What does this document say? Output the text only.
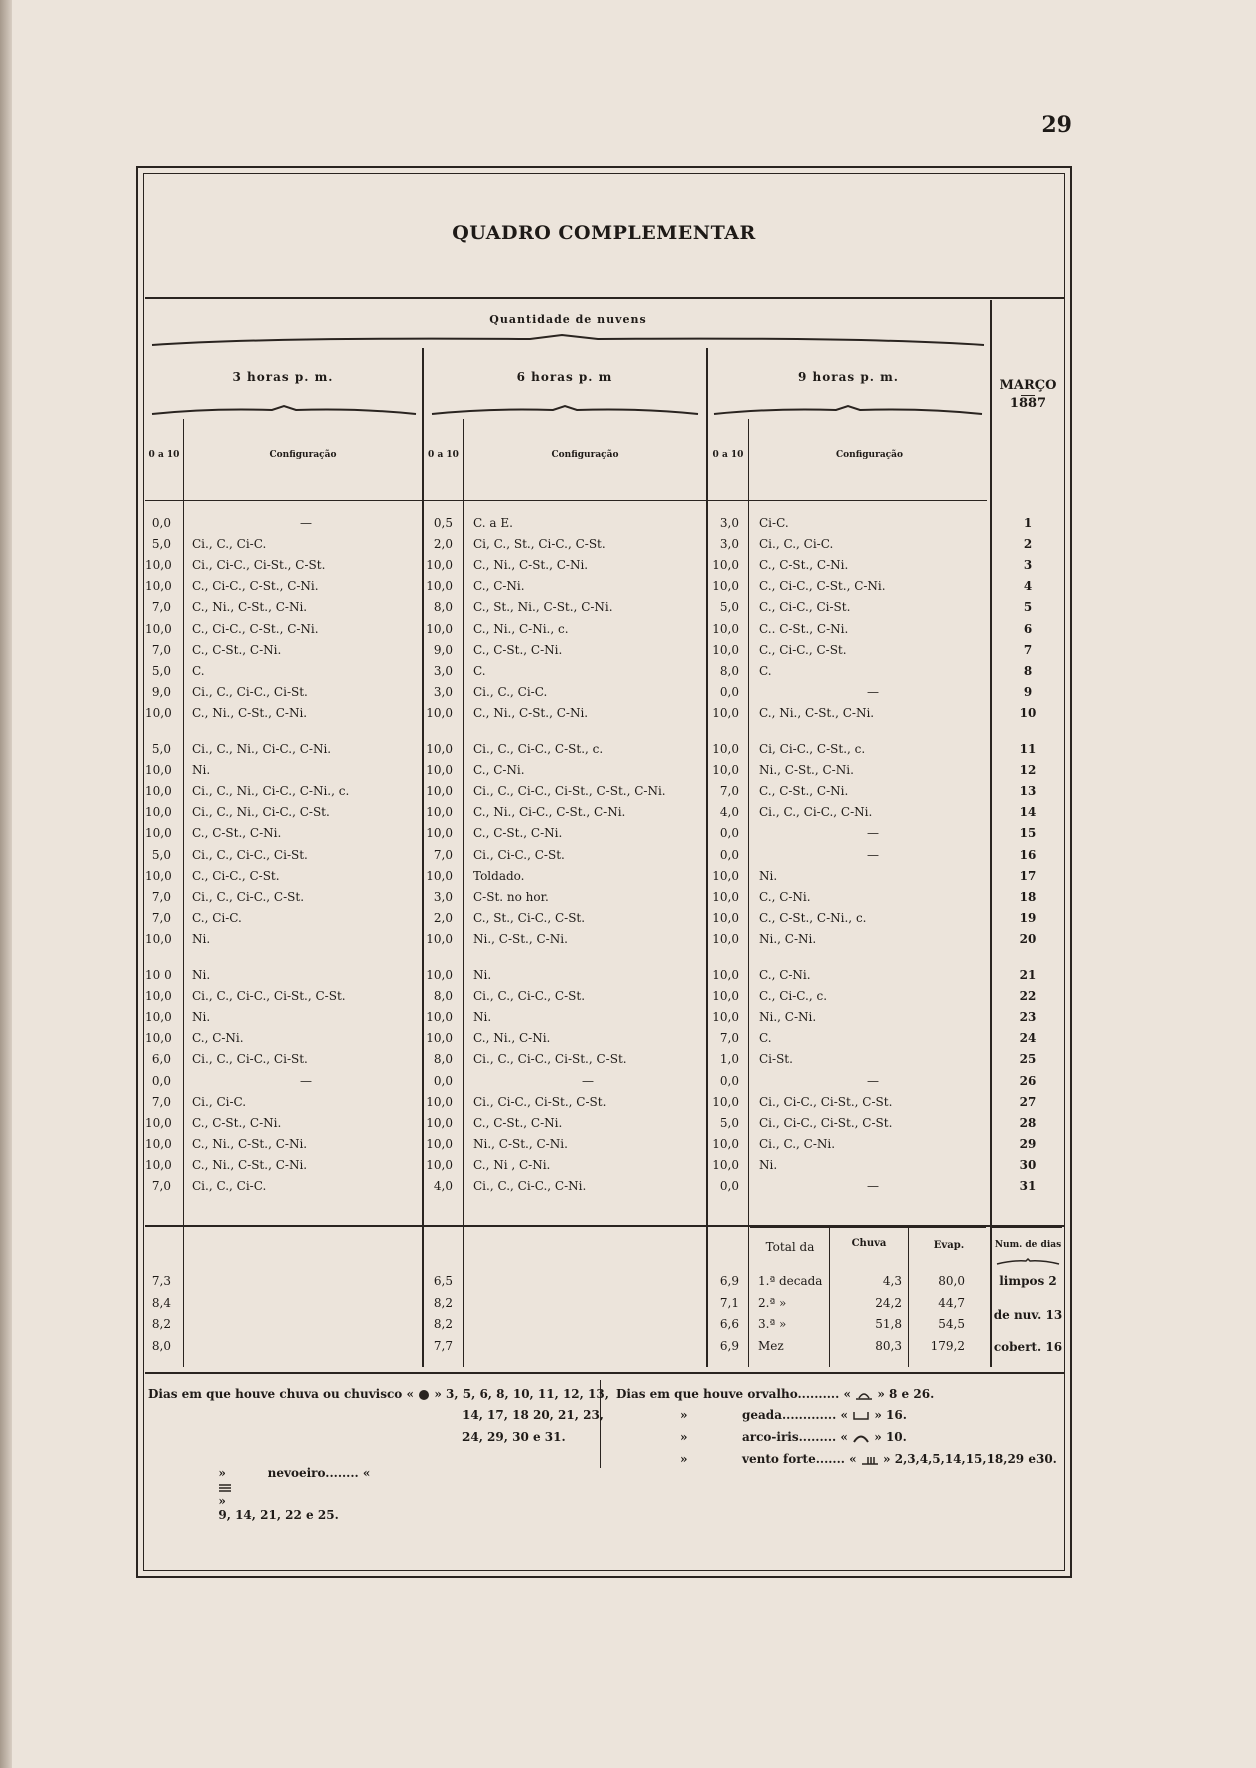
29
QUADRO COMPLEMENTAR
Quantidade de nuvens
3 horas p. m.	6 horas p. m	9 horas p. m.
MARÇO
1887
0 a 10	Configuração	0 a 10	Configuração	0 a 10	Configuração
0,0	—	0,5 C. a E.	3,0 Ci-C.	1
5,0 Ci., C., Ci-C.	2,0 Ci, C., St., Ci-C., C-St.	3,0 Ci., C., Ci-C.	2
10,0 Ci., Ci-C., Ci-St., C-St.	10,0 C., Ni., C-St., C-Ni.	10,0 C., C-St., C-Ni.	3
10,0 C., Ci-C., C-St., C-Ni.	10,0 C., C-Ni.	10,0 C., Ci-C., C-St., C-Ni.	4
7,0 C., Ni., C-St., C-Ni.	8,0 C., St., Ni., C-St., C-Ni.	5,0 C., Ci-C., Ci-St.	5
10,0 C., Ci-C., C-St., C-Ni.	10,0 C., Ni., C-Ni., c.	10,0 C.. C-St., C-Ni.	6
7,0 C., C-St., C-Ni.	9,0 C., C-St., C-Ni.	10,0 C., Ci-C., C-St.	7
5,0 C.	3,0 C.	8,0 C.	8
9,0 Ci., C., Ci-C., Ci-St.	3,0 Ci., C., Ci-C.	0,0	—	9
10,0 C., Ni., C-St., C-Ni.	10,0 C., Ni., C-St., C-Ni.	10,0 C., Ni., C-St., C-Ni.	10
5,0 Ci., C., Ni., Ci-C., C-Ni.	10,0 Ci., C., Ci-C., C-St., c.	10,0 Ci, Ci-C., C-St., c.	11
10,0 Ni.	10,0 C., C-Ni.	10,0 Ni., C-St., C-Ni.	12
10,0 Ci., C., Ni., Ci-C., C-Ni., c.	10,0 Ci., C., Ci-C., Ci-St., C-St., C-Ni.	7,0 C., C-St., C-Ni.	13
10,0 Ci., C., Ni., Ci-C., C-St.	10,0 C., Ni., Ci-C., C-St., C-Ni.	4,0 Ci., C., Ci-C., C-Ni.	14
10,0 C., C-St., C-Ni.	10,0 C., C-St., C-Ni.	0,0	—	15
5,0 Ci., C., Ci-C., Ci-St.	7,0 Ci., Ci-C., C-St.	0,0	—	16
10,0 C., Ci-C., C-St.	10,0 Toldado.	10,0 Ni.	17
7,0 Ci., C., Ci-C., C-St.	3,0 C-St. no hor.	10,0 C., C-Ni.	18
7,0 C., Ci-C.	2,0 C., St., Ci-C., C-St.	10,0 C., C-St., C-Ni., c.	19
10,0 Ni.	10,0 Ni., C-St., C-Ni.	10,0 Ni., C-Ni.	20
10 0 Ni.	10,0 Ni.	10,0 C., C-Ni.	21
10,0 Ci., C., Ci-C., Ci-St., C-St.	8,0 Ci., C., Ci-C., C-St.	10,0 C., Ci-C., c.	22
10,0 Ni.	10,0 Ni.	10,0 Ni., C-Ni.	23
10,0 C., C-Ni.	10,0 C., Ni., C-Ni.	7,0 C.	24
6,0 Ci., C., Ci-C., Ci-St.	8,0 Ci., C., Ci-C., Ci-St., C-St.	1,0 Ci-St.	25
0,0	—	0,0	—	0,0	—	26
7,0 Ci., Ci-C.	10,0 Ci., Ci-C., Ci-St., C-St.	10,0 Ci., Ci-C., Ci-St., C-St.	27
10,0 C., C-St., C-Ni.	10,0 C., C-St., C-Ni.	5,0 Ci., Ci-C., Ci-St., C-St.	28
10,0 C., Ni., C-St., C-Ni.	10,0 Ni., C-St., C-Ni.	10,0 Ci., C., C-Ni.	29
10,0 C., Ni., C-St., C-Ni.	10,0 C., Ni , C-Ni.	10,0 Ni.	30
7,0 Ci., C., Ci-C.	4,0 Ci., C., Ci-C., C-Ni.	0,0	—	31
Total da	Chuva	Evap.	Num. de dias
7,3	6,5	6,9 1.ª decada	4,3	80,0
8,4	8,2	7,1 2.ª »	24,2	44,7
8,2	8,2	6,6 3.ª »	51,8	54,5
8,0	7,7	6,9 Mez	80,3	179,2
limpos 2
de nuv. 13
cobert. 16
Dias em que houve chuva ou chuvisco « » 3, 5, 6, 8, 10, 11, 12, 13,
14, 17, 18 20, 21, 23,
24, 29, 30 e 31.

»          nevoeiro........ «

»
9, 14, 21, 22 e 25.

Dias em que houve orvalho.......... « » 8 e 26.
»	geada............. « » 16.
»	arco-iris......... « » 10.
»	vento forte....... « » 2,3,4,5,14,15,18,29 e30.
